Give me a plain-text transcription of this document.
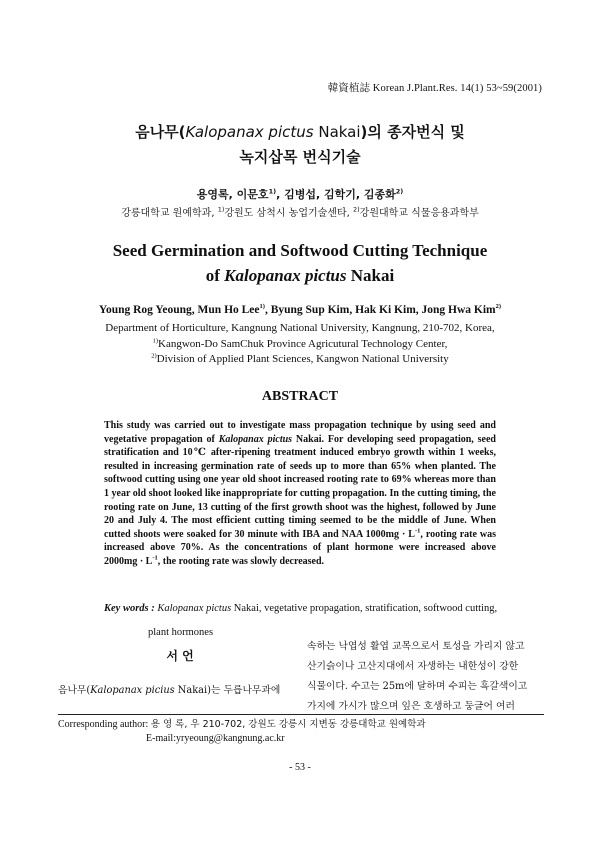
韓資植誌 Korean J.Plant.Res. 14(1) 53~59(2001)
음나무(Kalopanax pictus Nakai)의 종자번식 및
녹지삽목 번식기술
용영록, 이문호$^{1)}$, 김병섭, 김학기, 김종화$^{2)}$
강릉대학교 원예학과, $^{1)}$강원도 삼척시 농업기술센타, $^{2)}$강원대학교 식물응용과학부
Seed Germination and Softwood Cutting Technique
of Kalopanax pictus Nakai
Young Rog Yeoung, Mun Ho Lee$^{1)}$, Byung Sup Kim, Hak Ki Kim, Jong Hwa Kim$^{2)}$
Department of Horticulture, Kangnung National University, Kangnung, 210-702, Korea,
$^{1)}$Kangwon-Do SamChuk Province Agricutural Technology Center,
$^{2)}$Division of Applied Plant Sciences, Kangwon National University
ABSTRACT
This study was carried out to investigate mass propagation technique by using seed and
vegetative propagation of Kalopanax pictus Nakai. For developing seed propagation, seed
stratification and 10℃ after-ripening treatment induced embryo growth within 1 weeks,
resulted in increasing germination rate of seeds up to more than 65% when planted. The
softwood cutting using one year old shoot increased rooting rate to 69% whereas more than
1 year old shoot looked like inappropriate for cutting propagation. In the cutting timing, the
rooting rate on June, 13 cutting of the first growth shoot was the highest, followed by June
20 and July 4. The most efficient cutting timing seemed to be the middle of June. When
cutted shoots were soaked for 30 minute with IBA and NAA $1000mg \cdot L^{-1}$, rooting rate was
increased above 70%. As the concentrations of plant hormone were increased above
$2000mg \cdot L^{-1}$, the rooting rate was slowly decreased.
Key words : Kalopanax pictus Nakai, vegetative propagation, stratification, softwood cutting,
plant hormones
서 언
음나무(Kalopanax picius Nakai)는 두릅나무과에
속하는 낙엽성 활엽 교목으로서 토성을 가리지 않고
산기슭이나 고산지대에서 자생하는 내한성이 강한
식물이다. 수고는 25m에 달하며 수피는 흑갈색이고
가지에 가시가 많으며 잎은 호생하고 둥글어 여러
Corresponding author: 용 영 록, 우 210-702, 강원도 강릉시 지변동 강릉대학교 원예학과
E-mail:yryeoung@kangnung.ac.kr
- 53 -
